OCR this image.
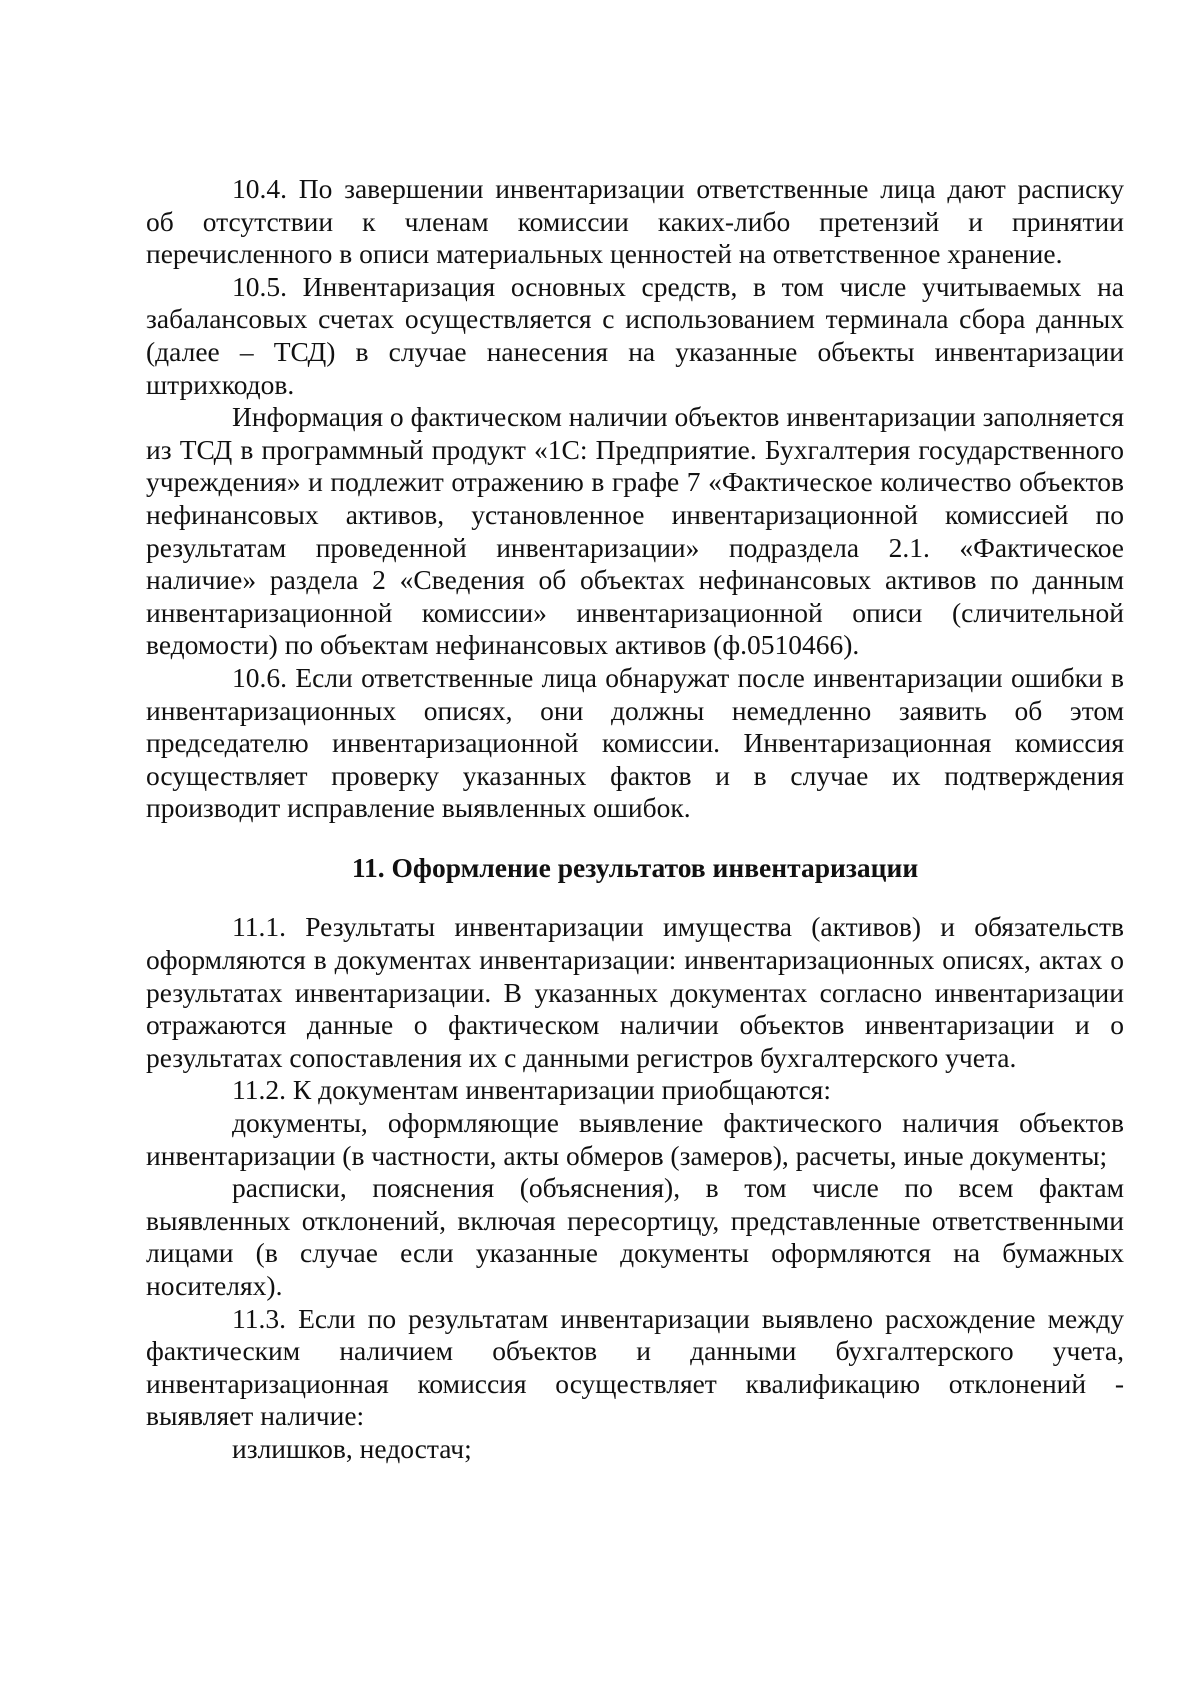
10.4. По завершении инвентаризации ответственные лица дают расписку об отсутствии к членам комиссии каких-либо претензий и принятии перечисленного в описи материальных ценностей на ответственное хранение.

10.5. Инвентаризация основных средств, в том числе учитываемых на забалансовых счетах осуществляется с использованием терминала сбора данных (далее – ТСД) в случае нанесения на указанные объекты инвентаризации штрихкодов.

Информация о фактическом наличии объектов инвентаризации заполняется из ТСД в программный продукт «1С: Предприятие. Бухгалтерия государственного учреждения» и подлежит отражению в графе 7 «Фактическое количество объектов нефинансовых активов, установленное инвентаризационной комиссией по результатам проведенной инвентаризации» подраздела 2.1. «Фактическое наличие» раздела 2 «Сведения об объектах нефинансовых активов по данным инвентаризационной комиссии» инвентаризационной описи (сличительной ведомости) по объектам нефинансовых активов (ф.0510466).

10.6. Если ответственные лица обнаружат после инвентаризации ошибки в инвентаризационных описях, они должны немедленно заявить об этом председателю инвентаризационной комиссии. Инвентаризационная комиссия осуществляет проверку указанных фактов и в случае их подтверждения производит исправление выявленных ошибок.

11. Оформление результатов инвентаризации

11.1. Результаты инвентаризации имущества (активов) и обязательств оформляются в документах инвентаризации: инвентаризационных описях, актах о результатах инвентаризации. В указанных документах согласно инвентаризации отражаются данные о фактическом наличии объектов инвентаризации и о результатах сопоставления их с данными регистров бухгалтерского учета.

11.2. К документам инвентаризации приобщаются:

документы, оформляющие выявление фактического наличия объектов инвентаризации (в частности, акты обмеров (замеров), расчеты, иные документы;

расписки, пояснения (объяснения), в том числе по всем фактам выявленных отклонений, включая пересортицу, представленные ответственными лицами (в случае если указанные документы оформляются на бумажных носителях).

11.3. Если по результатам инвентаризации выявлено расхождение между фактическим наличием объектов и данными бухгалтерского учета, инвентаризационная комиссия осуществляет квалификацию отклонений - выявляет наличие:

излишков, недостач;
